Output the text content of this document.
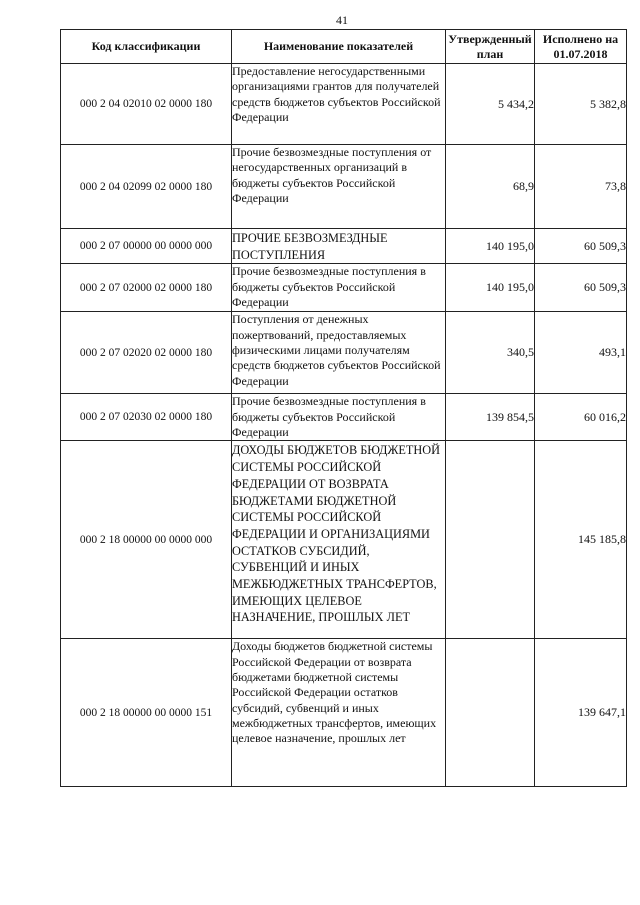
41
Код классификации	Наименование показателей	Утвержденный план	Исполнено на 01.07.2018
000 2 04 02010 02 0000 180	Предоставление негосударственными организациями грантов для получателей средств бюджетов субъектов Российской Федерации	5 434,2	5 382,8
000 2 04 02099 02 0000 180	Прочие безвозмездные поступления от негосударственных организаций в бюджеты субъектов Российской Федерации	68,9	73,8
000 2 07 00000 00 0000 000	ПРОЧИЕ БЕЗВОЗМЕЗДНЫЕ ПОСТУПЛЕНИЯ	140 195,0	60 509,3
000 2 07 02000 02 0000 180	Прочие безвозмездные поступления в бюджеты субъектов Российской Федерации	140 195,0	60 509,3
000 2 07 02020 02 0000 180	Поступления от денежных пожертвований, предоставляемых физическими лицами получателям средств бюджетов субъектов Российской Федерации	340,5	493,1
000 2 07 02030 02 0000 180	Прочие безвозмездные поступления в бюджеты субъектов Российской Федерации	139 854,5	60 016,2
000 2 18 00000 00 0000 000	ДОХОДЫ БЮДЖЕТОВ БЮДЖЕТНОЙ СИСТЕМЫ РОССИЙСКОЙ ФЕДЕРАЦИИ ОТ ВОЗВРАТА БЮДЖЕТАМИ БЮДЖЕТНОЙ СИСТЕМЫ РОССИЙСКОЙ ФЕДЕРАЦИИ И ОРГАНИЗАЦИЯМИ ОСТАТКОВ СУБСИДИЙ, СУБВЕНЦИЙ И ИНЫХ МЕЖБЮДЖЕТНЫХ ТРАНСФЕРТОВ, ИМЕЮЩИХ ЦЕЛЕВОЕ НАЗНАЧЕНИЕ, ПРОШЛЫХ ЛЕТ		145 185,8
000 2 18 00000 00 0000 151	Доходы бюджетов бюджетной системы Российской Федерации от возврата бюджетами бюджетной системы Российской Федерации остатков субсидий, субвенций и иных межбюджетных трансфертов, имеющих целевое назначение, прошлых лет		139 647,1
